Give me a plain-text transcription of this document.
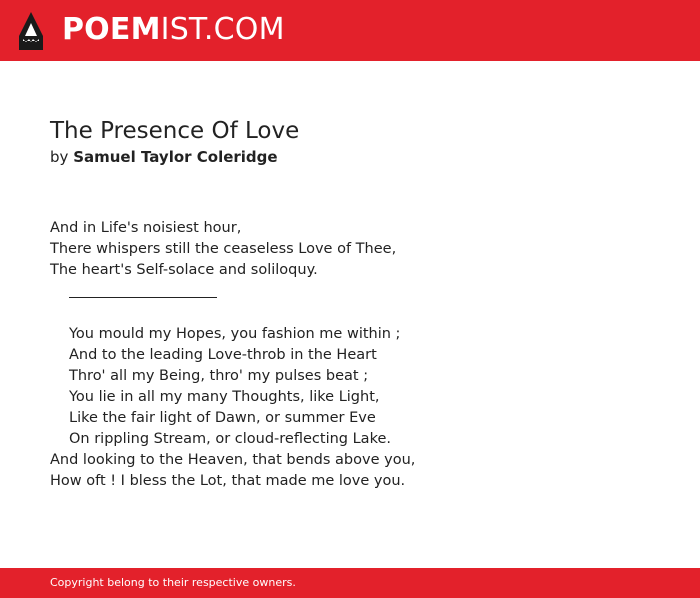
POEMIST.COM
The Presence Of Love
by Samuel Taylor Coleridge
And in Life's noisiest hour,
There whispers still the ceaseless Love of Thee,
The heart's Self-solace and soliloquy.
You mould my Hopes, you fashion me within ;
And to the leading Love-throb in the Heart
Thro' all my Being, thro' my pulses beat ;
You lie in all my many Thoughts, like Light,
Like the fair light of Dawn, or summer Eve
On rippling Stream, or cloud-reflecting Lake.
And looking to the Heaven, that bends above you,
How oft ! I bless the Lot, that made me love you.
Copyright belong to their respective owners.
